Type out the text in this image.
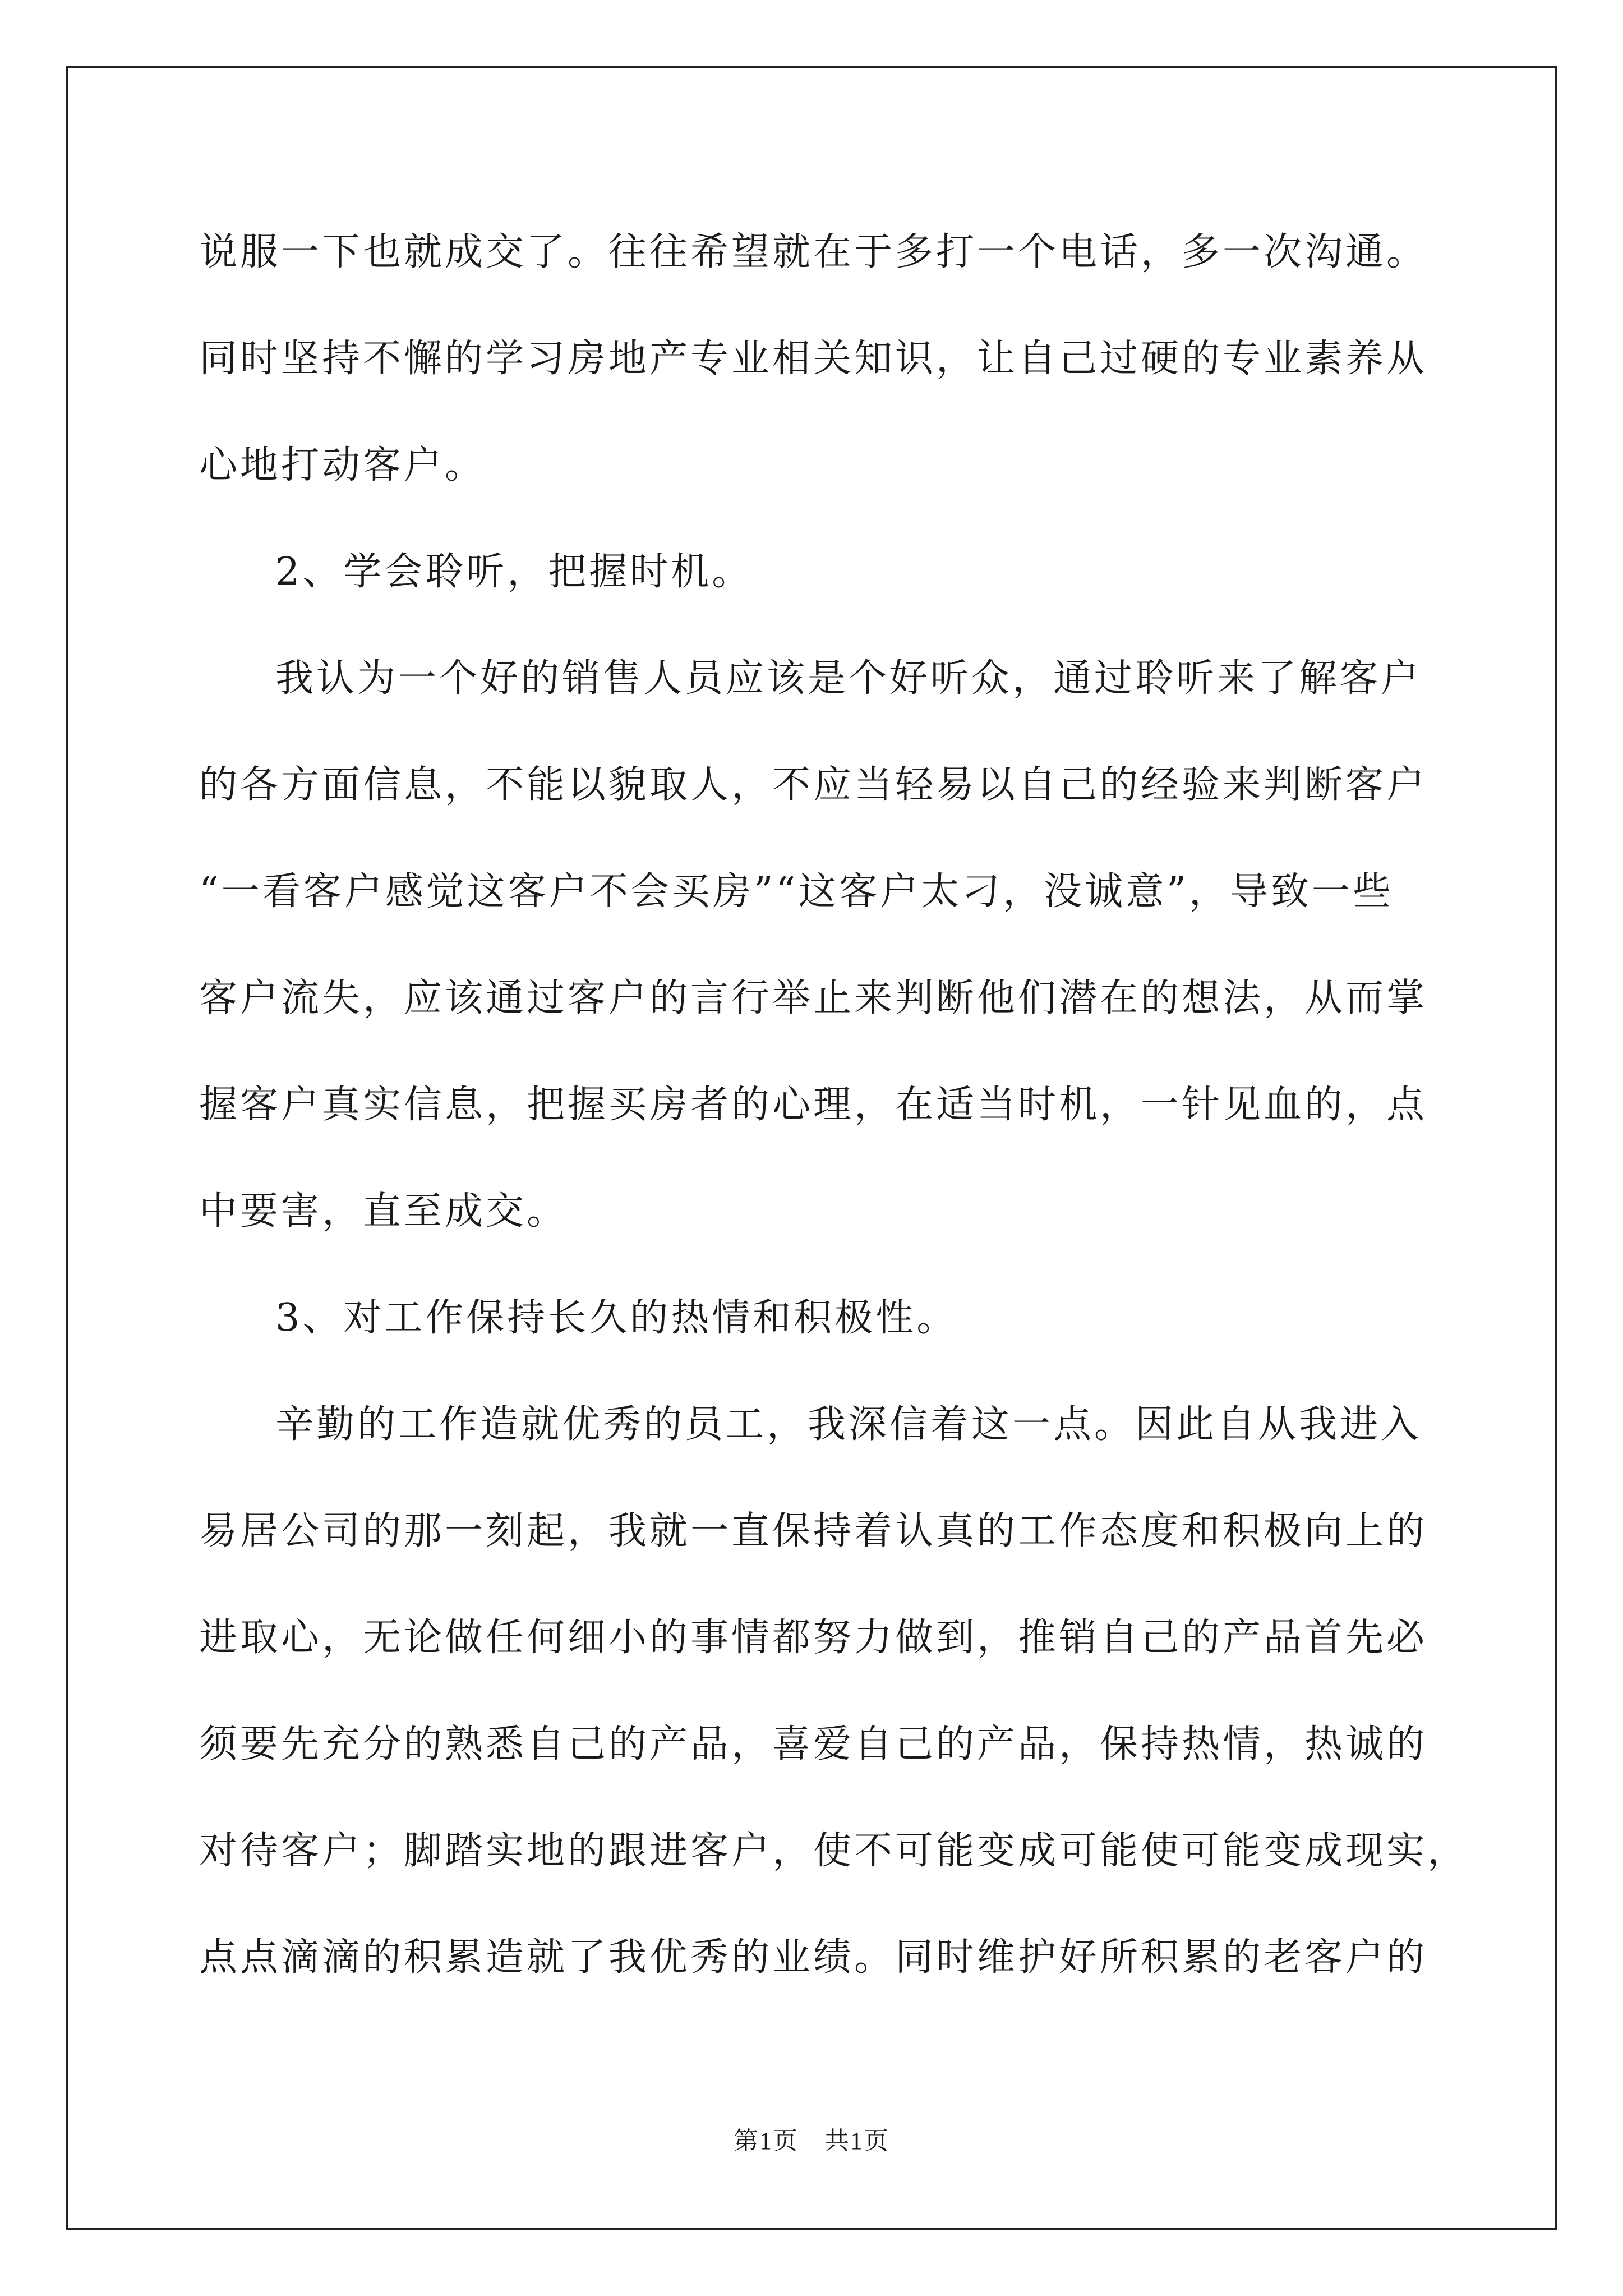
说服一下也就成交了。往往希望就在于多打一个电话，多一次沟通。
同时坚持不懈的学习房地产专业相关知识，让自己过硬的专业素养从
心地打动客户。
2、学会聆听，把握时机。
我认为一个好的销售人员应该是个好听众，通过聆听来了解客户
的各方面信息，不能以貌取人，不应当轻易以自己的经验来判断客户
“一看客户感觉这客户不会买房”“这客户太刁，没诚意”，导致一些
客户流失，应该通过客户的言行举止来判断他们潜在的想法，从而掌
握客户真实信息，把握买房者的心理，在适当时机，一针见血的，点
中要害，直至成交。
3、对工作保持长久的热情和积极性。
辛勤的工作造就优秀的员工，我深信着这一点。因此自从我进入
易居公司的那一刻起，我就一直保持着认真的工作态度和积极向上的
进取心，无论做任何细小的事情都努力做到，推销自己的产品首先必
须要先充分的熟悉自己的产品，喜爱自己的产品，保持热情，热诚的
对待客户；脚踏实地的跟进客户，使不可能变成可能使可能变成现实，
点点滴滴的积累造就了我优秀的业绩。同时维护好所积累的老客户的
第1页　共1页
